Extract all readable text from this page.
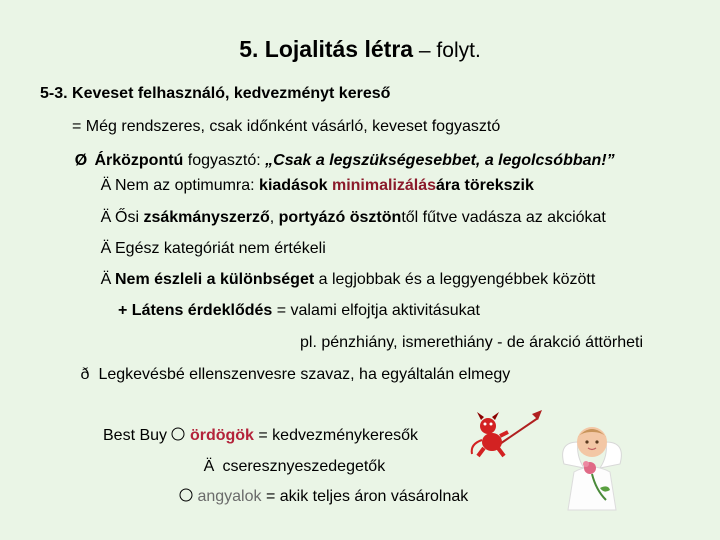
5. Lojalitás létra – folyt.
5-3. Keveset felhasználó, kedvezményt kereső
= Még rendszeres, csak időnként vásárló, keveset fogyasztó
Ø Árközpontú fogyasztó: „Csak a legszükségesebbet, a legolcsóbban!”
Ä Nem az optimumra: kiadások minimalizálására törekszik
Ä Ősi zsákmányszerző, portyázó ösztöntől fűtve vadásza az akciókat
Ä Egész kategóriát nem értékeli
Ä Nem észleli a különbséget a legjobbak és a leggyengébbek között
+ Látens érdeklődés = valami elfojtja aktivitásukat
pl. pénzhiány, ismerethiány - de árakció áttörheti
ð Legkevésbé ellenszenvesre szavaz, ha egyáltalán elmegy
Best Buy
ördögök = kedvezménykeresők
Ä cseresznyeszedegetők
angyalok = akik teljes áron vásárolnak
